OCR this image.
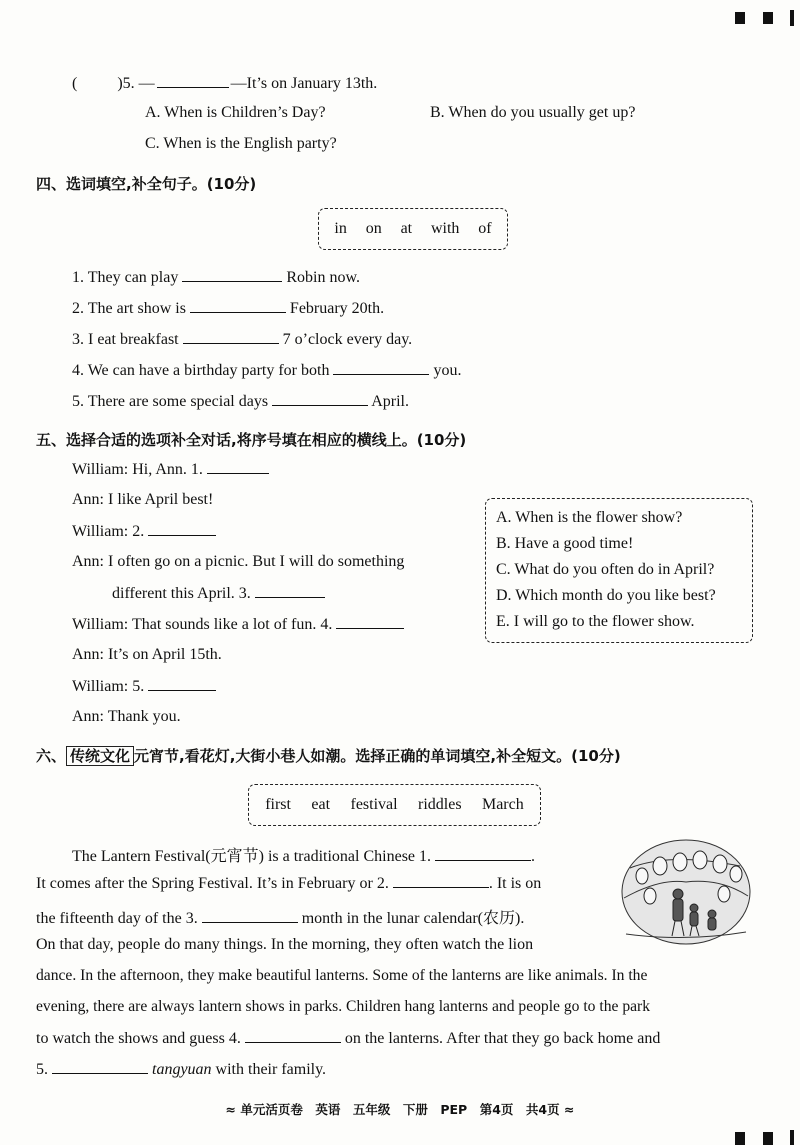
(	)5. —	—It’s on January 13th.
A. When is Children’s Day?	B. When do you usually get up?
C. When is the English party?
四、选词填空,补全句子。(10分)
in on at with of
1. They can play	Robin now.
2. The art show is	February 20th.
3. I eat breakfast	7 o’clock every day.
4. We can have a birthday party for both	you.
5. There are some special days	April.
五、选择合适的选项补全对话,将序号填在相应的横线上。(10分)
William: Hi, Ann. 1.
Ann: I like April best!
William: 2.
Ann: I often go on a picnic. But I will do something
different this April. 3.
William: That sounds like a lot of fun. 4.
Ann: It’s on April 15th.
William: 5.
Ann: Thank you.
A. When is the flower show?
B. Have a good time!
C. What do you often do in April?
D. Which month do you like best?
E. I will go to the flower show.
六、 传统文化 元宵节,看花灯,大街小巷人如潮。选择正确的单词填空,补全短文。(10分)
first eat festival riddles March
The Lantern Festival(元宵节) is a traditional Chinese 1.	.
It comes after the Spring Festival. It’s in February or 2.	. It is on
the fifteenth day of the 3.	month in the lunar calendar(农历).
On that day, people do many things. In the morning, they often watch the lion
dance. In the afternoon, they make beautiful lanterns. Some of the lanterns are like animals. In the
evening, there are always lantern shows in parks. Children hang lanterns and people go to the park
to watch the shows and guess 4.	on the lanterns. After that they go back home and
5.	tangyuan with their family.
≈ 单元活页卷　英语　五年级　下册　PEP　第4页　共4页 ≈
